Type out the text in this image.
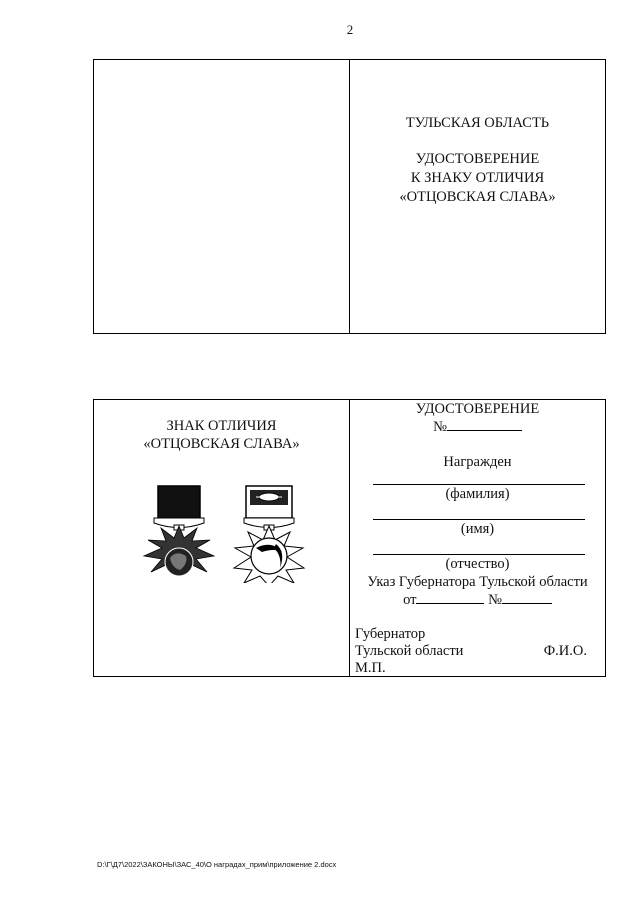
2
ТУЛЬСКАЯ ОБЛАСТЬ
УДОСТОВЕРЕНИЕ
К ЗНАКУ ОТЛИЧИЯ
«ОТЦОВСКАЯ СЛАВА»
ЗНАК ОТЛИЧИЯ
«ОТЦОВСКАЯ СЛАВА»
УДОСТОВЕРЕНИЕ
№
Награжден
(фамилия)
(имя)
(отчество)
Указ Губернатора Тульской области
от	№
Губернатор
Тульской области
М.П.
Ф.И.О.
D:\Г\Д7\2022\ЗАКОНЫ\ЗАС_40\О наградах_прим\приложение 2.docx
